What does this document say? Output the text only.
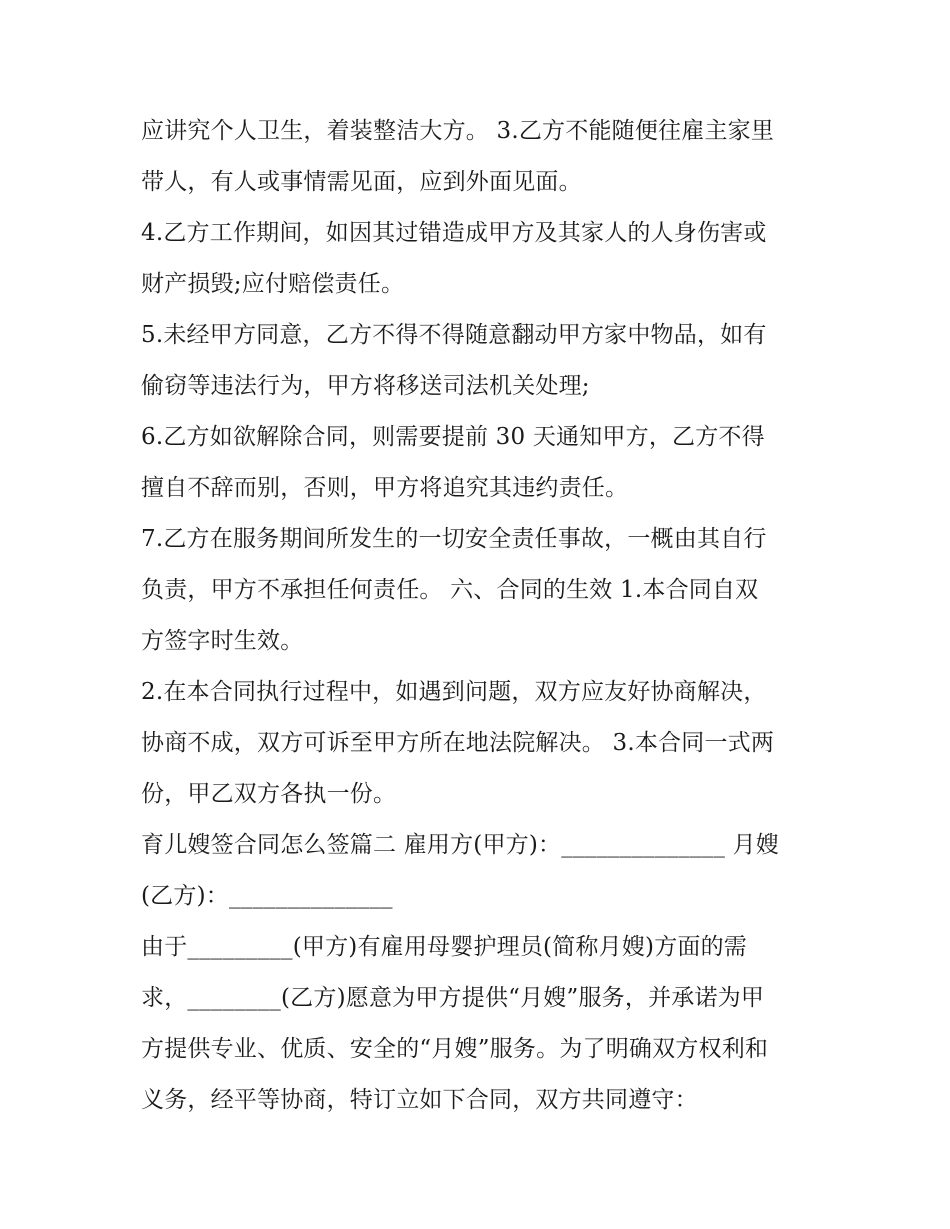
应讲究个人卫生，着装整洁大方。 3.乙方不能随便往雇主家里
带人，有人或事情需见面，应到外面见面。
4.乙方工作期间，如因其过错造成甲方及其家人的人身伤害或
财产损毁;应付赔偿责任。
5.未经甲方同意，乙方不得不得随意翻动甲方家中物品，如有
偷窃等违法行为，甲方将移送司法机关处理;
6.乙方如欲解除合同，则需要提前 30 天通知甲方，乙方不得
擅自不辞而别，否则，甲方将追究其违约责任。
7.乙方在服务期间所发生的一切安全责任事故，一概由其自行
负责，甲方不承担任何责任。 六、合同的生效 1.本合同自双
方签字时生效。
2.在本合同执行过程中，如遇到问题，双方应友好协商解决，
协商不成，双方可诉至甲方所在地法院解决。 3.本合同一式两
份，甲乙双方各执一份。
育儿嫂签合同怎么签篇二 雇用方(甲方)：______________ 月嫂
(乙方)：______________
由于_________(甲方)有雇用母婴护理员(简称月嫂)方面的需
求，________(乙方)愿意为甲方提供“月嫂”服务，并承诺为甲
方提供专业、优质、安全的“月嫂”服务。为了明确双方权利和
义务，经平等协商，特订立如下合同，双方共同遵守：
